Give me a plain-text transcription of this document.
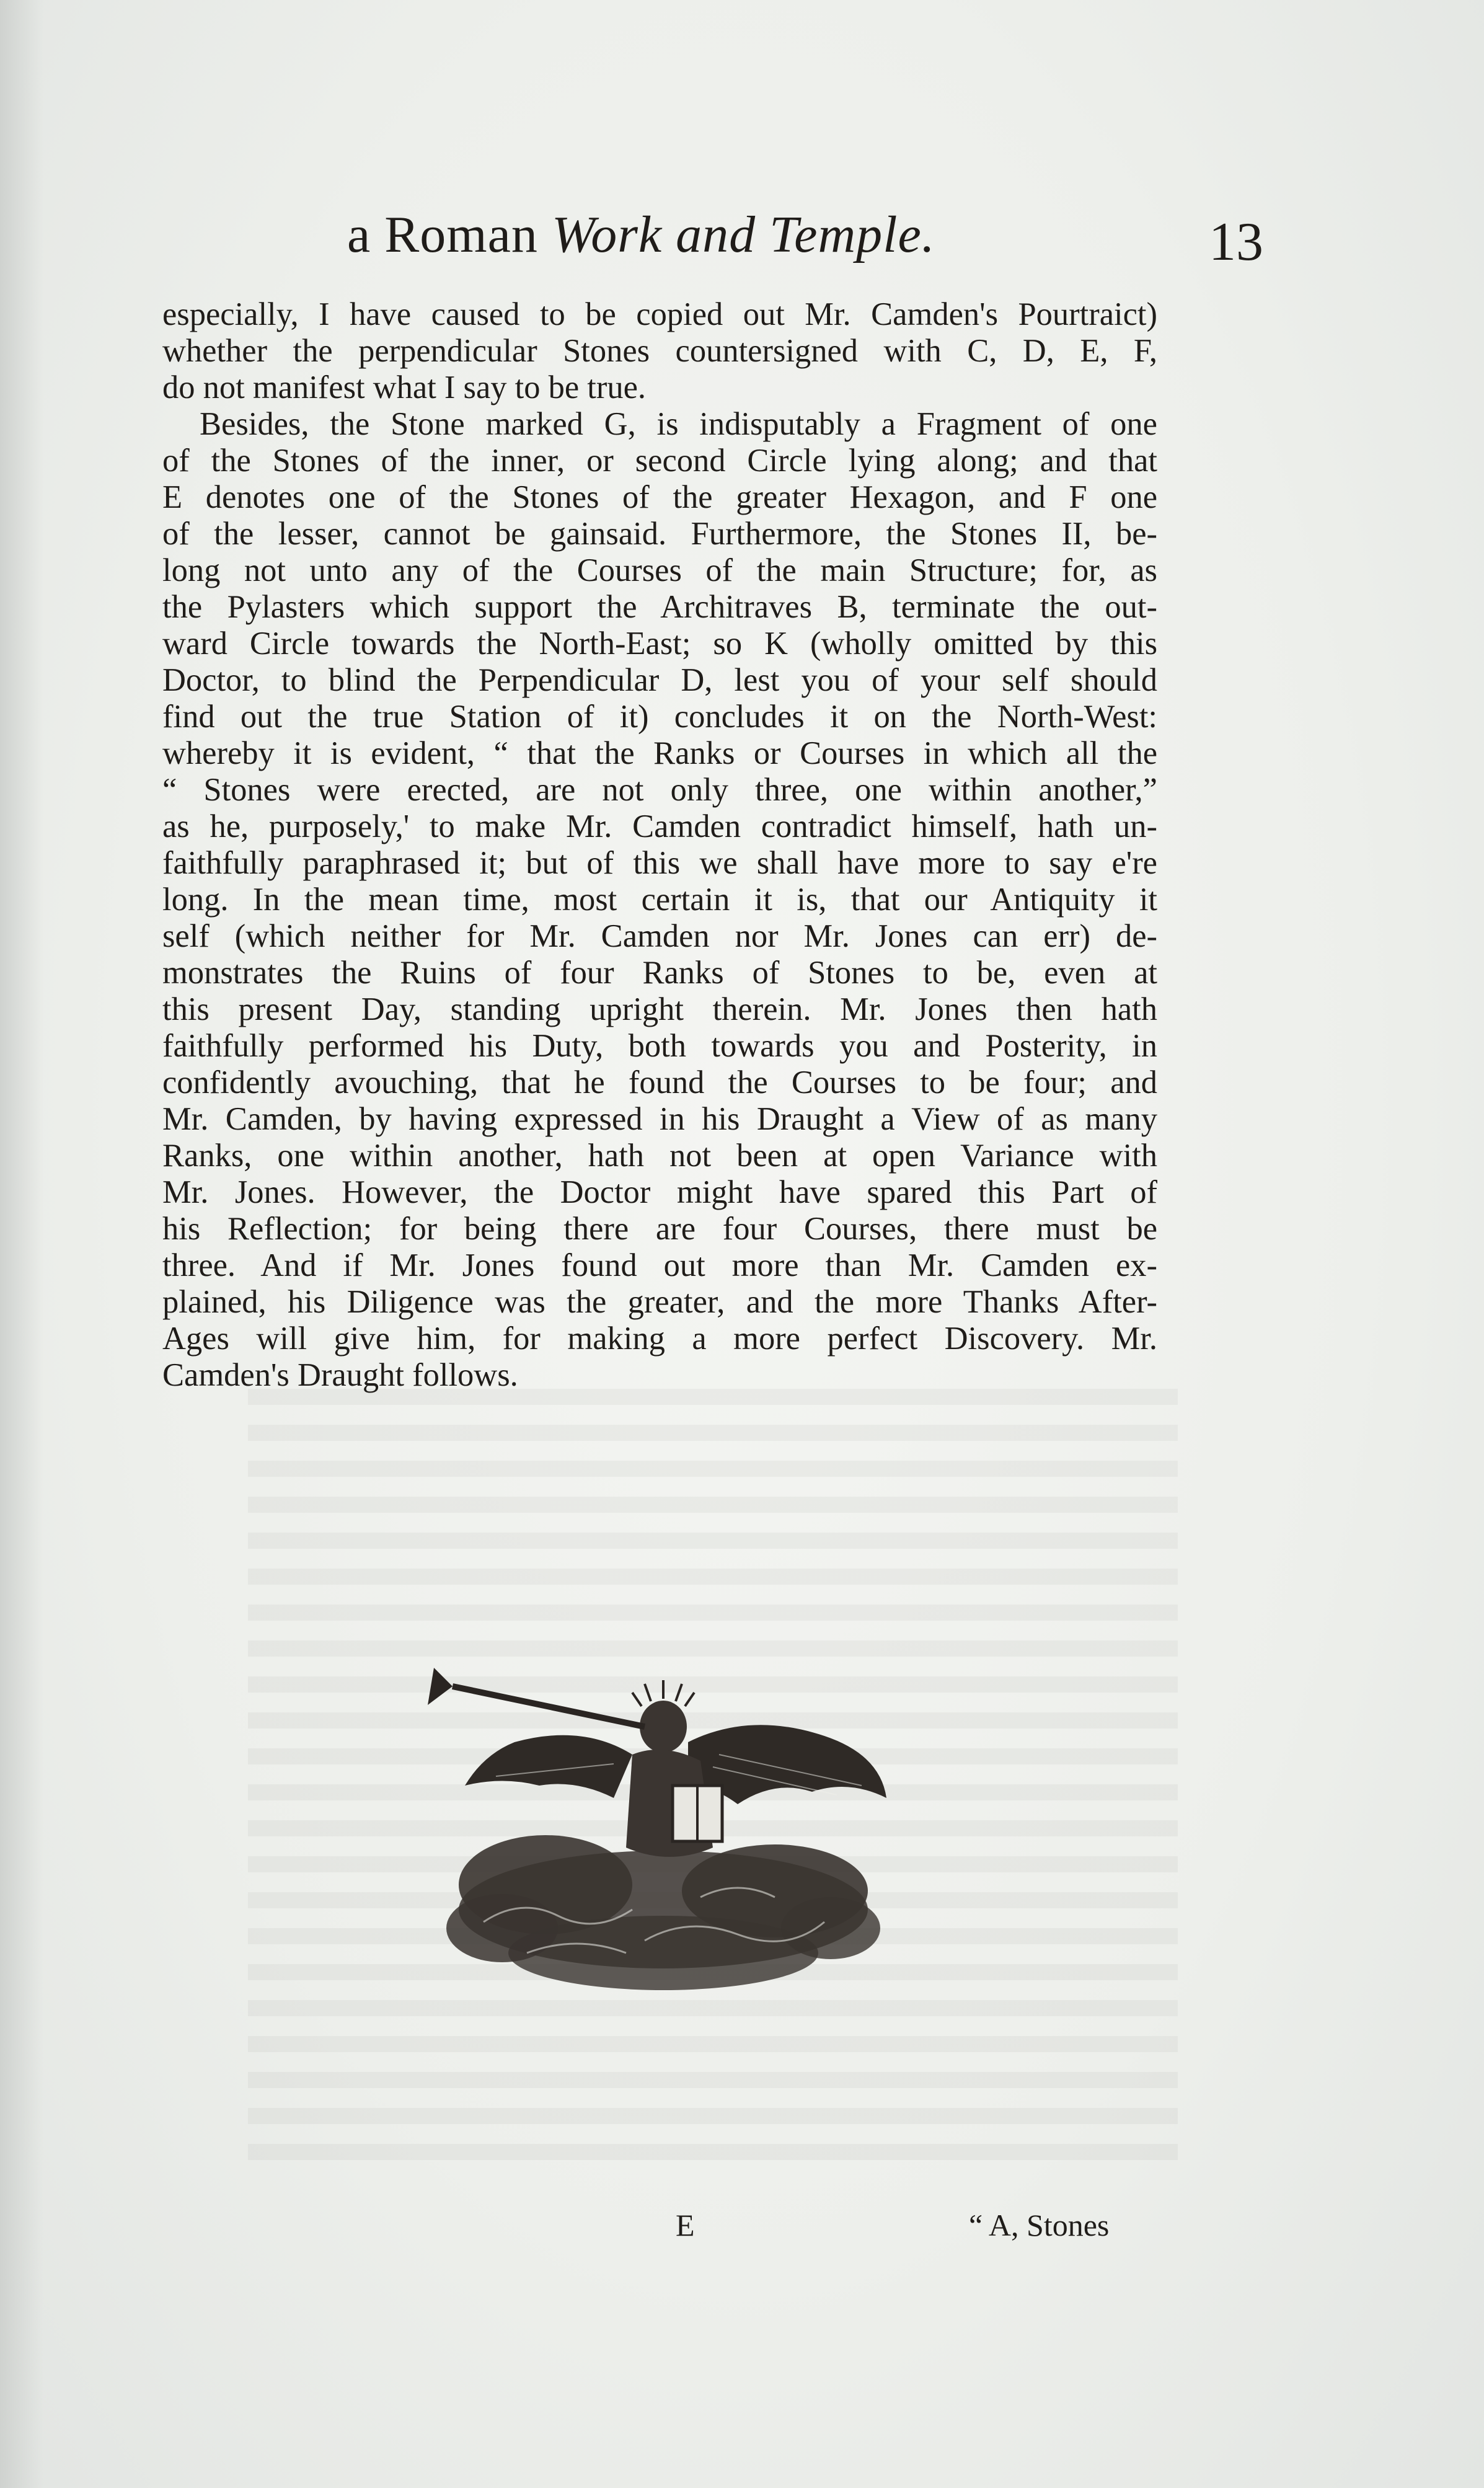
a Roman Work and Temple.	13
especially, I have caused to be copied out Mr. Camden's Pourtraict)
whether the perpendicular Stones countersigned with C, D, E, F,
do not manifest what I say to be true.
Besides, the Stone marked G, is indisputably a Fragment of one
of the Stones of the inner, or second Circle lying along; and that
E denotes one of the Stones of the greater Hexagon, and F one
of the lesser, cannot be gainsaid. Furthermore, the Stones II, be-
long not unto any of the Courses of the main Structure; for, as
the Pylasters which support the Architraves B, terminate the out-
ward Circle towards the North-East; so K (wholly omitted by this
Doctor, to blind the Perpendicular D, lest you of your self should
find out the true Station of it) concludes it on the North-West:
whereby it is evident, “ that the Ranks or Courses in which all the
“ Stones were erected, are not only three, one within another,”
as he, purposely,' to make Mr. Camden contradict himself, hath un-
faithfully paraphrased it; but of this we shall have more to say e're
long. In the mean time, most certain it is, that our Antiquity it
self (which neither for Mr. Camden nor Mr. Jones can err) de-
monstrates the Ruins of four Ranks of Stones to be, even at
this present Day, standing upright therein. Mr. Jones then hath
faithfully performed his Duty, both towards you and Posterity, in
confidently avouching, that he found the Courses to be four; and
Mr. Camden, by having expressed in his Draught a View of as many
Ranks, one within another, hath not been at open Variance with
Mr. Jones. However, the Doctor might have spared this Part of
his Reflection; for being there are four Courses, there must be
three. And if Mr. Jones found out more than Mr. Camden ex-
plained, his Diligence was the greater, and the more Thanks After-
Ages will give him, for making a more perfect Discovery. Mr.
Camden's Draught follows.
E	“ A, Stones
